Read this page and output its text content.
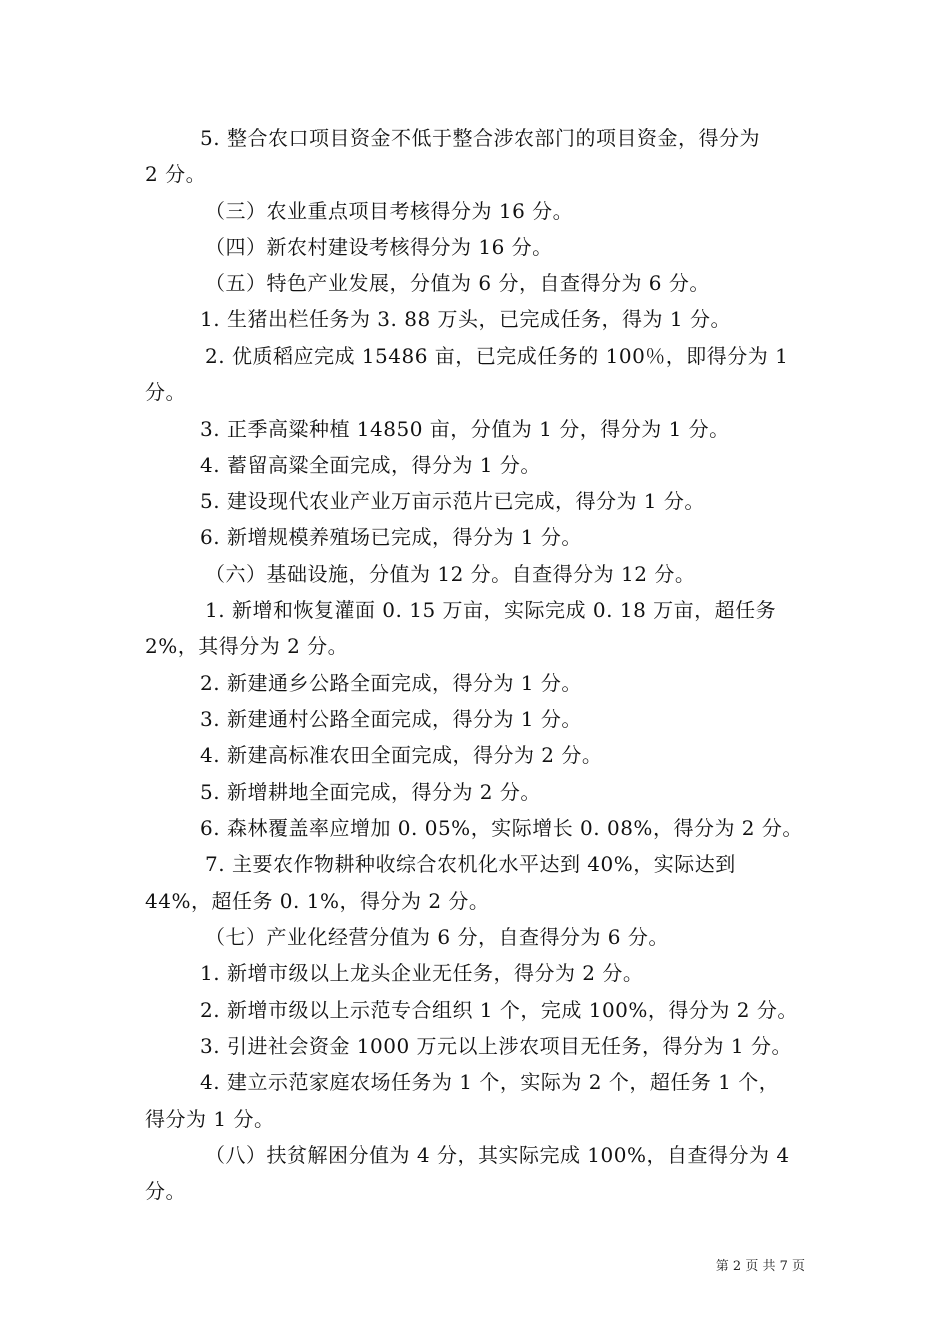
5. 整合农口项目资金不低于整合涉农部门的项目资金，得分为
2 分。
（三）农业重点项目考核得分为 16 分。
（四）新农村建设考核得分为 16 分。
（五）特色产业发展，分值为 6 分，自查得分为 6 分。
1. 生猪出栏任务为 3. 88 万头，已完成任务，得为 1 分。
2. 优质稻应完成 15486 亩，已完成任务的 100％，即得分为 1
分。
3. 正季高粱种植 14850 亩，分值为 1 分，得分为 1 分。
4. 蓄留高粱全面完成，得分为 1 分。
5. 建设现代农业产业万亩示范片已完成，得分为 1 分。
6. 新增规模养殖场已完成，得分为 1 分。
（六）基础设施，分值为 12 分。自查得分为 12 分。
1. 新增和恢复灌面 0. 15 万亩，实际完成 0. 18 万亩，超任务
2%，其得分为 2 分。
2. 新建通乡公路全面完成，得分为 1 分。
3. 新建通村公路全面完成，得分为 1 分。
4. 新建高标准农田全面完成，得分为 2 分。
5. 新增耕地全面完成，得分为 2 分。
6. 森林覆盖率应增加 0. 05%，实际增长 0. 08%，得分为 2 分。
7. 主要农作物耕种收综合农机化水平达到 40%，实际达到
44%，超任务 0. 1%，得分为 2 分。
（七）产业化经营分值为 6 分，自查得分为 6 分。
1. 新增市级以上龙头企业无任务，得分为 2 分。
2. 新增市级以上示范专合组织 1 个，完成 100%，得分为 2 分。
3. 引进社会资金 1000 万元以上涉农项目无任务，得分为 1 分。
4. 建立示范家庭农场任务为 1 个，实际为 2 个，超任务 1 个，
得分为 1 分。
（八）扶贫解困分值为 4 分，其实际完成 100%，自查得分为 4
分。
第 2 页 共 7 页
